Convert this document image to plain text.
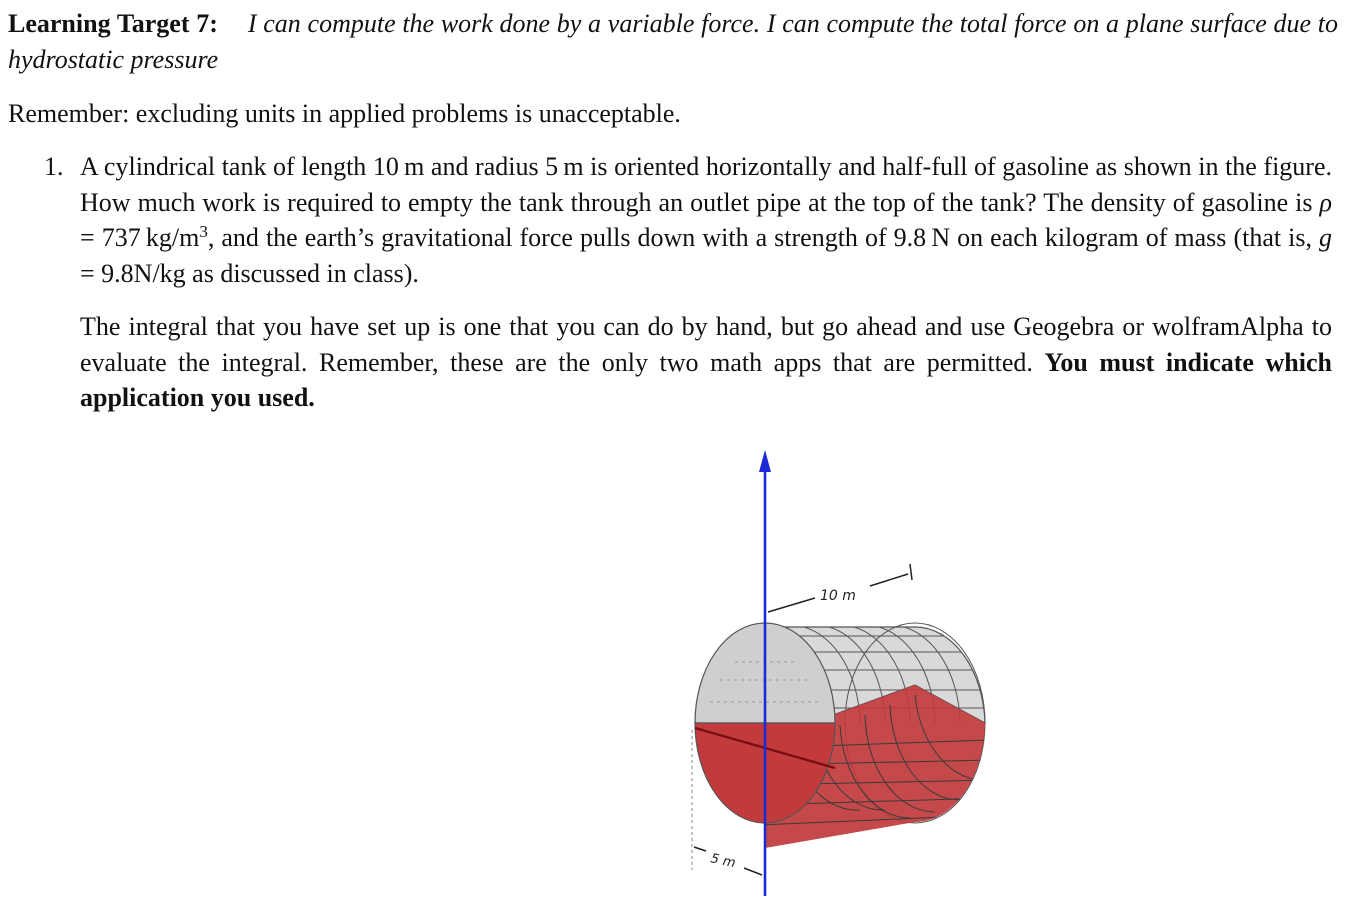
Learning Target 7: I can compute the work done by a variable force. I can compute the total force on a plane surface due to hydrostatic pressure
Remember: excluding units in applied problems is unacceptable.
1. A cylindrical tank of length 10 m and radius 5 m is oriented horizontally and half-full of gasoline as shown in the figure. How much work is required to empty the tank through an outlet pipe at the top of the tank? The density of gasoline is ρ = 737 $kg/m^3$, and the earth’s gravitational force pulls down with a strength of 9.8 N on each kilogram of mass (that is, g = 9.8N/kg as discussed in class).
The integral that you have set up is one that you can do by hand, but go ahead and use Geogebra or wolframAlpha to evaluate the integral. Remember, these are the only two math apps that are permitted. You must indicate which application you used.
5 m
10 m
